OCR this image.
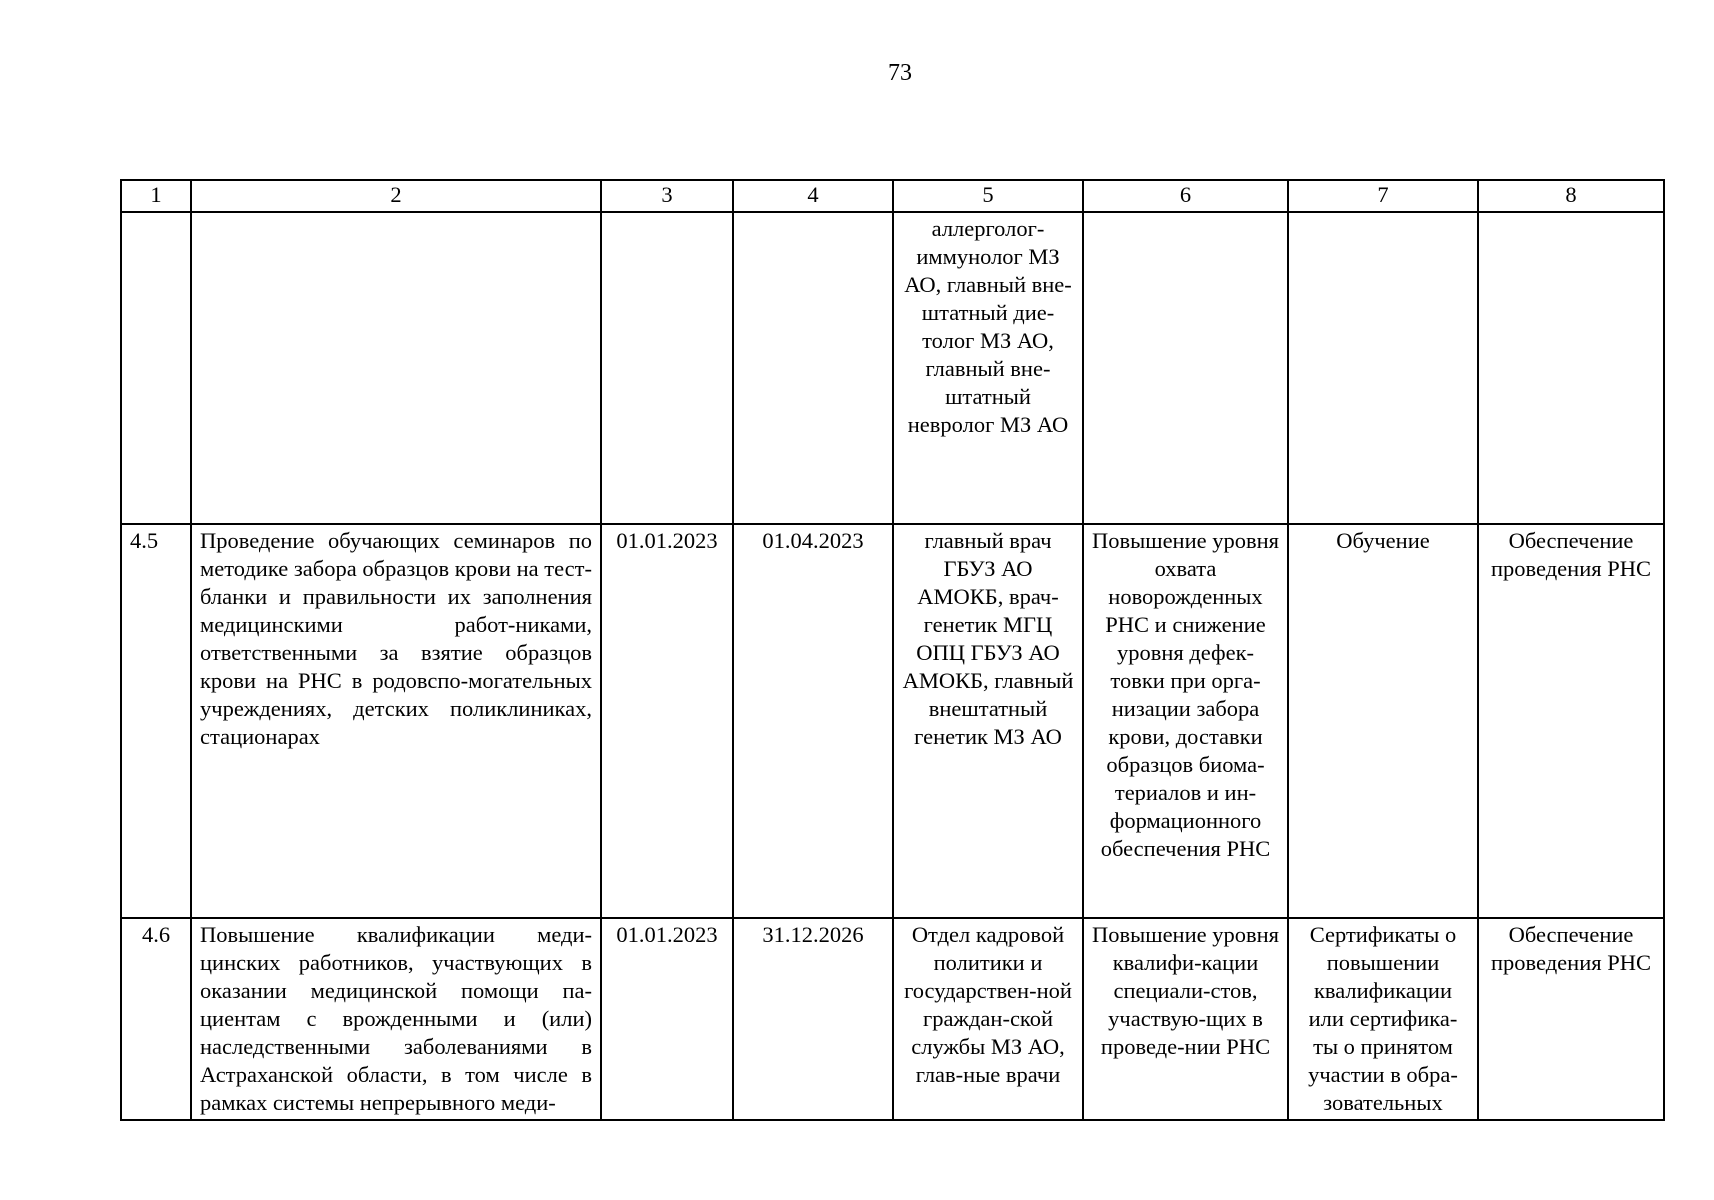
73
1	2	3	4	5	6	7	8
				аллерголог-иммунолог МЗ АО, главный вне-штатный дие-толог МЗ АО, главный вне-штатный невролог МЗ АО			
4.5	Проведение обучающих семинаров по методике забора образцов крови на тест-бланки и правильности их заполнения медицинскими работ-никами, ответственными за взятие образцов крови на РНС в родовспо-могательных учреждениях, детских поликлиниках, стационарах	01.01.2023	01.04.2023	главный врач ГБУЗ АО АМОКБ, врач-генетик МГЦ ОПЦ ГБУЗ АО АМОКБ, главный внештатный генетик МЗ АО	Повышение уровня охвата новорожденных РНС и снижение уровня дефек-товки при орга-низации забора крови, доставки образцов биома-териалов и ин-формационного обеспечения РНС	Обучение	Обеспечение проведения РНС
4.6	Повышение квалификации меди-цинских работников, участвующих в оказании медицинской помощи па-циентам с врожденными и (или) наследственными заболеваниями в Астраханской области, в том числе в рамках системы непрерывного меди-	01.01.2023	31.12.2026	Отдел кадровой политики и государствен-ной граждан-ской службы МЗ АО, глав-ные врачи	Повышение уровня квалифи-кации специали-стов, участвую-щих в проведе-нии РНС	Сертификаты о повышении квалификации или сертифика-ты о принятом участии в обра-зовательных	Обеспечение проведения РНС
